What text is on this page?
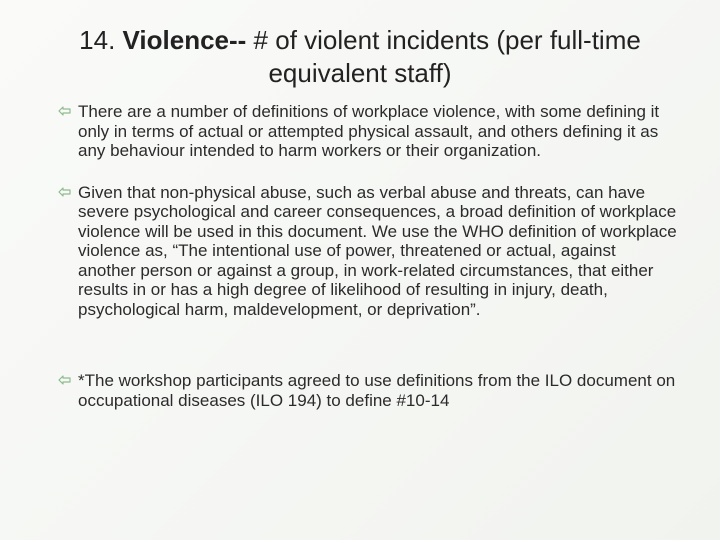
14. Violence-- # of violent incidents (per full-time equivalent staff)
There are a number of definitions of workplace violence, with some defining it only in terms of actual or attempted physical assault, and others defining it as any behaviour intended to harm workers or their organization.
Given that non-physical abuse, such as verbal abuse and threats, can have severe psychological and career consequences, a broad definition of workplace violence will be used in this document. We use the WHO definition of workplace violence as, “The intentional use of power, threatened or actual, against another person or against a group, in work-related circumstances, that either results in or has a high degree of likelihood of resulting in injury, death, psychological harm, maldevelopment, or deprivation”.
*The workshop participants agreed to use definitions from the ILO document on occupational diseases (ILO 194) to define #10-14
